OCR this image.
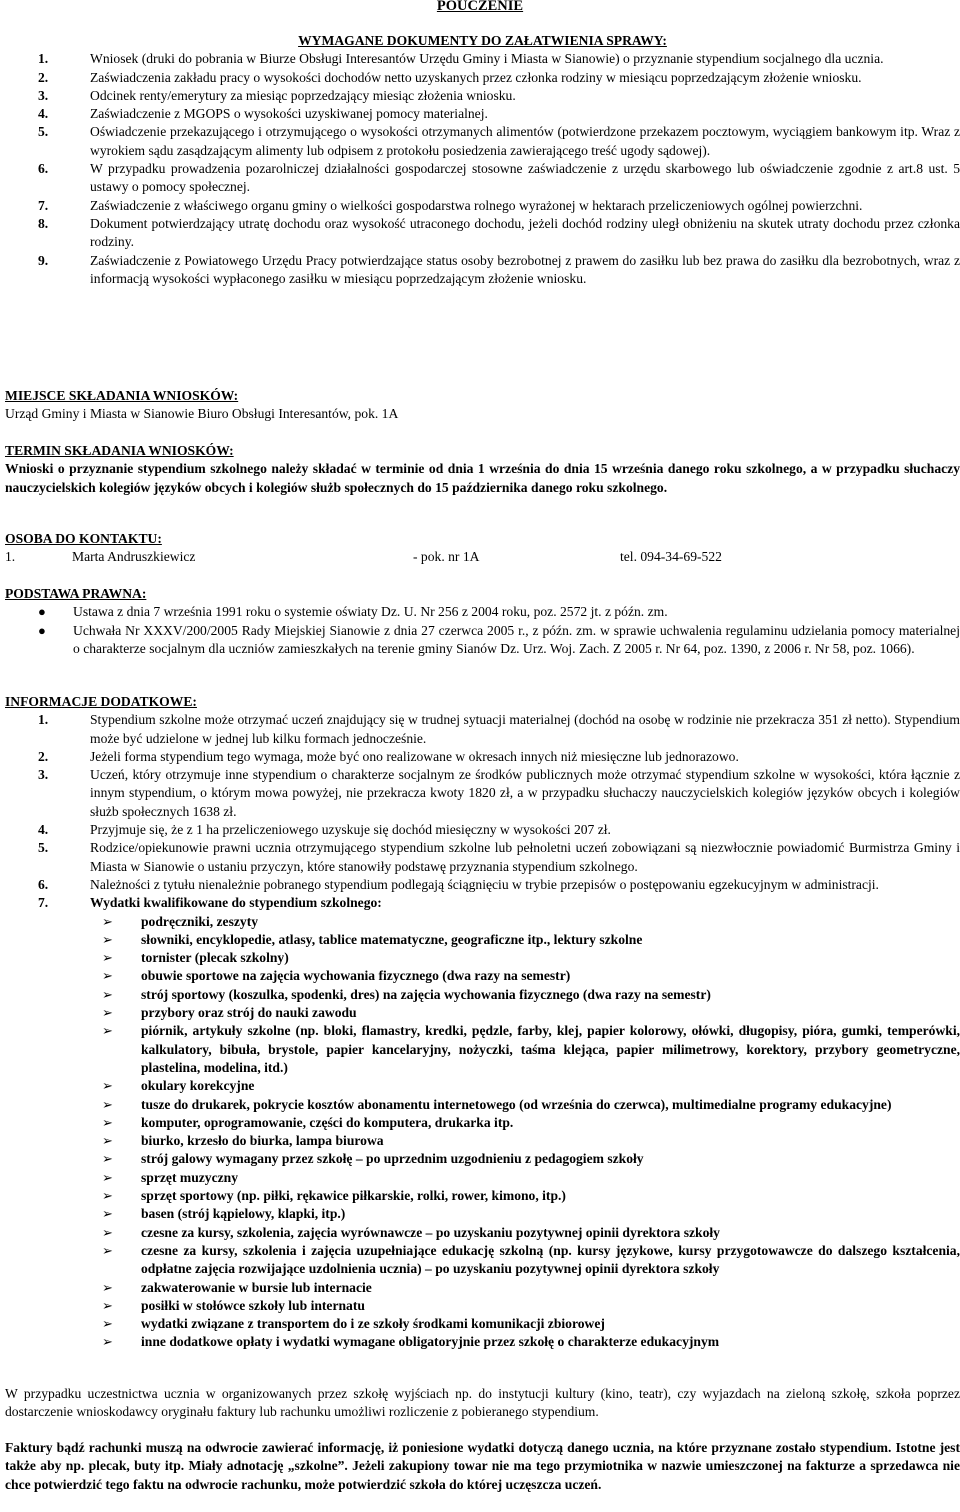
POUCZENIE
WYMAGANE DOKUMENTY DO ZAŁATWIENIA SPRAWY:
1.	Wniosek (druki do pobrania w Biurze Obsługi Interesantów Urzędu Gminy i Miasta w Sianowie) o przyznanie stypendium socjalnego dla ucznia.
2.	Zaświadczenia zakładu pracy o wysokości dochodów netto uzyskanych przez członka rodziny w miesiącu poprzedzającym złożenie wniosku.
3.	Odcinek renty/emerytury za miesiąc poprzedzający miesiąc złożenia wniosku.
4.	Zaświadczenie z MGOPS o wysokości uzyskiwanej pomocy materialnej.
5.	Oświadczenie przekazującego i otrzymującego o wysokości otrzymanych alimentów (potwierdzone przekazem pocztowym, wyciągiem bankowym itp. Wraz z wyrokiem sądu zasądzającym alimenty lub odpisem z protokołu posiedzenia zawierającego treść ugody sądowej).
6.	W przypadku prowadzenia pozarolniczej działalności gospodarczej stosowne zaświadczenie z urzędu skarbowego lub oświadczenie zgodnie z art.8 ust. 5 ustawy o pomocy społecznej.
7.	Zaświadczenie z właściwego organu gminy o wielkości gospodarstwa rolnego wyrażonej w hektarach przeliczeniowych ogólnej powierzchni.
8.	Dokument potwierdzający utratę dochodu oraz wysokość utraconego dochodu, jeżeli dochód rodziny uległ obniżeniu na skutek utraty dochodu przez członka rodziny.
9.	Zaświadczenie z Powiatowego Urzędu Pracy potwierdzające status osoby bezrobotnej z prawem do zasiłku lub bez prawa do zasiłku dla bezrobotnych, wraz z informacją wysokości wypłaconego zasiłku w miesiącu poprzedzającym złożenie wniosku.
MIEJSCE SKŁADANIA WNIOSKÓW:
Urząd Gminy i Miasta w Sianowie Biuro Obsługi Interesantów, pok. 1A
TERMIN SKŁADANIA WNIOSKÓW:
Wnioski o przyznanie stypendium szkolnego należy składać w terminie od dnia 1 września do dnia 15 września danego roku szkolnego, a w przypadku słuchaczy nauczycielskich kolegiów języków obcych i kolegiów służb społecznych do 15 października danego roku szkolnego.
OSOBA DO KONTAKTU:
1.	Marta Andruszkiewicz	- pok. nr 1A	tel. 094-34-69-522
PODSTAWA PRAWNA:
● Ustawa z dnia 7 września 1991 roku o systemie oświaty Dz. U. Nr 256 z 2004 roku, poz. 2572 jt. z późn. zm.
● Uchwała Nr XXXV/200/2005 Rady Miejskiej Sianowie z dnia 27 czerwca 2005 r., z późn. zm. w sprawie uchwalenia regulaminu udzielania pomocy materialnej o charakterze socjalnym dla uczniów zamieszkałych na terenie gminy Sianów Dz. Urz. Woj. Zach. Z 2005 r. Nr 64, poz. 1390, z 2006 r. Nr 58, poz. 1066).
INFORMACJE DODATKOWE:
1.	Stypendium szkolne może otrzymać uczeń znajdujący się w trudnej sytuacji materialnej (dochód na osobę w rodzinie nie przekracza 351 zł netto). Stypendium może być udzielone w jednej lub kilku formach jednocześnie.
2.	Jeżeli forma stypendium tego wymaga, może być ono realizowane w okresach innych niż miesięczne lub jednorazowo.
3.	Uczeń, który otrzymuje inne stypendium o charakterze socjalnym ze środków publicznych może otrzymać stypendium szkolne w wysokości, która łącznie z innym stypendium, o którym mowa powyżej, nie przekracza kwoty 1820 zł, a w przypadku słuchaczy nauczycielskich kolegiów języków obcych i kolegiów służb społecznych 1638 zł.
4.	Przyjmuje się, że z 1 ha przeliczeniowego uzyskuje się dochód miesięczny w wysokości 207 zł.
5.	Rodzice/opiekunowie prawni ucznia otrzymującego stypendium szkolne lub pełnoletni uczeń zobowiązani są niezwłocznie powiadomić Burmistrza Gminy i Miasta w Sianowie o ustaniu przyczyn, które stanowiły podstawę przyznania stypendium szkolnego.
6.	Należności z tytułu nienależnie pobranego stypendium podlegają ściągnięciu w trybie przepisów o postępowaniu egzekucyjnym w administracji.
7.	Wydatki kwalifikowane do stypendium szkolnego:
➢ podręczniki, zeszyty
➢ słowniki, encyklopedie, atlasy, tablice matematyczne, geograficzne itp., lektury szkolne
➢ tornister (plecak szkolny)
➢ obuwie sportowe na zajęcia wychowania fizycznego (dwa razy na semestr)
➢ strój sportowy (koszulka, spodenki, dres) na zajęcia wychowania fizycznego (dwa razy na semestr)
➢ przybory oraz strój do nauki zawodu
➢ piórnik, artykuły szkolne (np. bloki, flamastry, kredki, pędzle, farby, klej, papier kolorowy, ołówki, długopisy, pióra, gumki, temperówki, kalkulatory, bibuła, brystole, papier kancelaryjny, nożyczki, taśma klejąca, papier milimetrowy, korektory, przybory geometryczne, plastelina, modelina, itd.)
➢ okulary korekcyjne
➢ tusze do drukarek, pokrycie kosztów abonamentu internetowego (od września do czerwca), multimedialne programy edukacyjne)
➢ komputer, oprogramowanie, części do komputera, drukarka itp.
➢ biurko, krzesło do biurka, lampa biurowa
➢ strój galowy wymagany przez szkołę – po uprzednim uzgodnieniu z pedagogiem szkoły
➢ sprzęt muzyczny
➢ sprzęt sportowy (np. piłki, rękawice piłkarskie, rolki, rower, kimono, itp.)
➢ basen (strój kąpielowy, klapki, itp.)
➢ czesne za kursy, szkolenia, zajęcia wyrównawcze – po uzyskaniu pozytywnej opinii dyrektora szkoły
➢ czesne za kursy, szkolenia i zajęcia uzupełniające edukację szkolną (np. kursy językowe, kursy przygotowawcze do dalszego kształcenia, odpłatne zajęcia rozwijające uzdolnienia ucznia) – po uzyskaniu pozytywnej opinii dyrektora szkoły
➢ zakwaterowanie w bursie lub internacie
➢ posiłki w stołówce szkoły lub internatu
➢ wydatki związane z transportem do i ze szkoły środkami komunikacji zbiorowej
➢ inne dodatkowe opłaty i wydatki wymagane obligatoryjnie przez szkołę o charakterze edukacyjnym
W przypadku uczestnictwa ucznia w organizowanych przez szkołę wyjściach np. do instytucji kultury (kino, teatr), czy wyjazdach na zieloną szkołę, szkoła poprzez dostarczenie wnioskodawcy oryginału faktury lub rachunku umożliwi rozliczenie z pobieranego stypendium.
Faktury bądź rachunki muszą na odwrocie zawierać informację, iż poniesione wydatki dotyczą danego ucznia, na które przyznane zostało stypendium. Istotne jest także aby np. plecak, buty itp. Miały adnotację „szkolne”. Jeżeli zakupiony towar nie ma tego przymiotnika w nazwie umieszczonej na fakturze a sprzedawca nie chce potwierdzić tego faktu na odwrocie rachunku, może potwierdzić szkoła do której uczęszcza uczeń.
